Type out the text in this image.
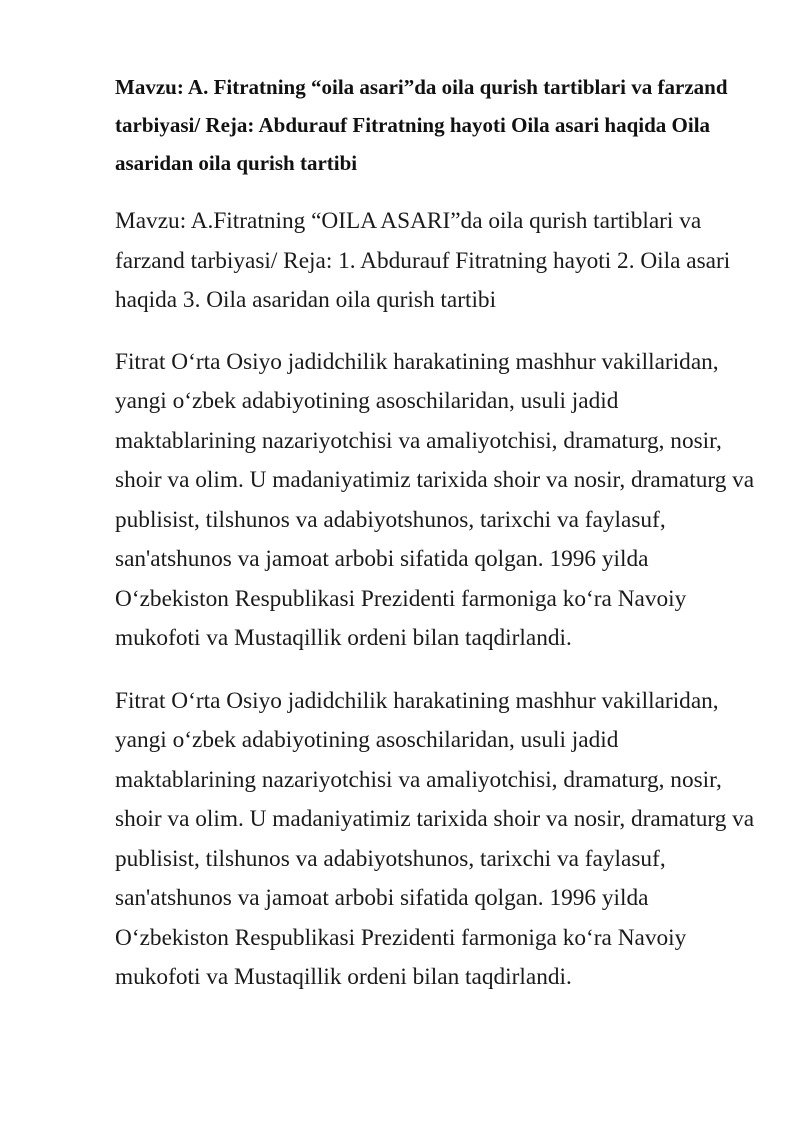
Mavzu: A. Fitratning “oila asari”da oila qurish tartiblari va farzand tarbiyasi/ Reja: Abdurauf Fitratning hayoti Oila asari haqida Oila asaridan oila qurish tartibi

Mavzu: A.Fitratning “OILA ASARI”da oila qurish tartiblari va farzand tarbiyasi/ Reja: 1. Abdurauf Fitratning hayoti 2. Oila asari haqida 3. Oila asaridan oila qurish tartibi

Fitrat O‘rta Osiyo jadidchilik harakatining mashhur vakillaridan, yangi o‘zbek adabiyotining asoschilaridan, usuli jadid maktablarining nazariyotchisi va amaliyotchisi, dramaturg, nosir, shoir va olim. U madaniyatimiz tarixida shoir va nosir, dramaturg va publisist, tilshunos va adabiyotshunos, tarixchi va faylasuf, san'atshunos va jamoat arbobi sifatida qolgan. 1996 yilda O‘zbekiston Respublikasi Prezidenti farmoniga ko‘ra Navoiy mukofoti va Mustaqillik ordeni bilan taqdirlandi.

Fitrat O‘rta Osiyo jadidchilik harakatining mashhur vakillaridan, yangi o‘zbek adabiyotining asoschilaridan, usuli jadid maktablarining nazariyotchisi va amaliyotchisi, dramaturg, nosir, shoir va olim. U madaniyatimiz tarixida shoir va nosir, dramaturg va publisist, tilshunos va adabiyotshunos, tarixchi va faylasuf, san'atshunos va jamoat arbobi sifatida qolgan. 1996 yilda O‘zbekiston Respublikasi Prezidenti farmoniga ko‘ra Navoiy mukofoti va Mustaqillik ordeni bilan taqdirlandi.
